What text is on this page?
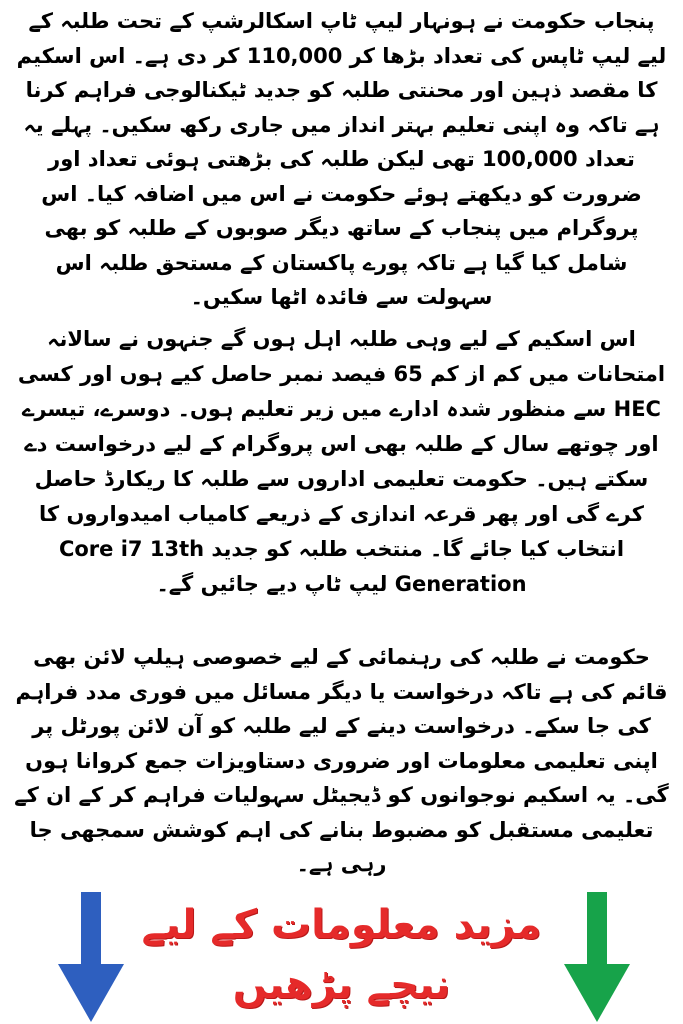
پنجاب حکومت نے ہونہار لیپ ٹاپ اسکالرشپ کے تحت طلبہ کے لیے لیپ ٹاپس کی تعداد بڑھا کر 110,000 کر دی ہے۔ اس اسکیم کا مقصد ذہین اور محنتی طلبہ کو جدید ٹیکنالوجی فراہم کرنا ہے تاکہ وہ اپنی تعلیم بہتر انداز میں جاری رکھ سکیں۔ پہلے یہ تعداد 100,000 تھی لیکن طلبہ کی بڑھتی ہوئی تعداد اور ضرورت کو دیکھتے ہوئے حکومت نے اس میں اضافہ کیا۔ اس پروگرام میں پنجاب کے ساتھ دیگر صوبوں کے طلبہ کو بھی شامل کیا گیا ہے تاکہ پورے پاکستان کے مستحق طلبہ اس سہولت سے فائدہ اٹھا سکیں۔

اس اسکیم کے لیے وہی طلبہ اہل ہوں گے جنہوں نے سالانہ امتحانات میں کم از کم 65 فیصد نمبر حاصل کیے ہوں اور کسی HEC سے منظور شدہ ادارے میں زیر تعلیم ہوں۔ دوسرے، تیسرے اور چوتھے سال کے طلبہ بھی اس پروگرام کے لیے درخواست دے سکتے ہیں۔ حکومت تعلیمی اداروں سے طلبہ کا ریکارڈ حاصل کرے گی اور پھر قرعہ اندازی کے ذریعے کامیاب امیدواروں کا انتخاب کیا جائے گا۔ منتخب طلبہ کو جدید Core i7 13th Generation لیپ ٹاپ دیے جائیں گے۔

حکومت نے طلبہ کی رہنمائی کے لیے خصوصی ہیلپ لائن بھی قائم کی ہے تاکہ درخواست یا دیگر مسائل میں فوری مدد فراہم کی جا سکے۔ درخواست دینے کے لیے طلبہ کو آن لائن پورٹل پر اپنی تعلیمی معلومات اور ضروری دستاویزات جمع کروانا ہوں گی۔ یہ اسکیم نوجوانوں کو ڈیجیٹل سہولیات فراہم کر کے ان کے تعلیمی مستقبل کو مضبوط بنانے کی اہم کوشش سمجھی جا رہی ہے۔

مزید معلومات کے لیے
نیچے پڑھیں
